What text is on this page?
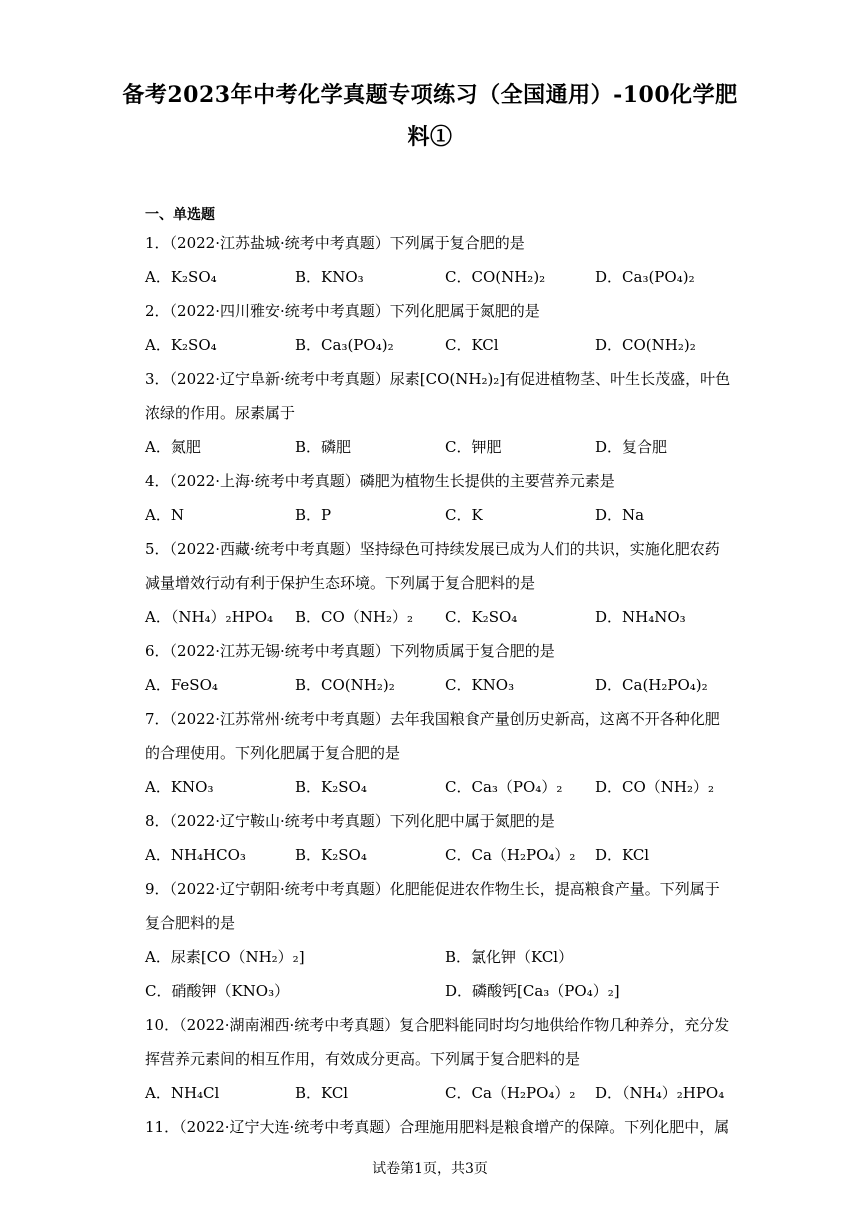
备考2023年中考化学真题专项练习（全国通用）-100化学肥
料①
一、单选题
1．（2022·江苏盐城·统考中考真题）下列属于复合肥的是
A．K₂SO₄	B．KNO₃	C．CO(NH₂)₂	D．Ca₃(PO₄)₂
2．（2022·四川雅安·统考中考真题）下列化肥属于氮肥的是
A．K₂SO₄	B．Ca₃(PO₄)₂	C．KCl	D．CO(NH₂)₂
3．（2022·辽宁阜新·统考中考真题）尿素[CO(NH₂)₂]有促进植物茎、叶生长茂盛，叶色
浓绿的作用。尿素属于
A．氮肥	B．磷肥	C．钾肥	D．复合肥
4．（2022·上海·统考中考真题）磷肥为植物生长提供的主要营养元素是
A．N	B．P	C．K	D．Na
5．（2022·西藏·统考中考真题）坚持绿色可持续发展已成为人们的共识，实施化肥农药
减量增效行动有利于保护生态环境。下列属于复合肥料的是
A．（NH₄）₂HPO₄ B．CO（NH₂）₂ C．K₂SO₄	D．NH₄NO₃
6．（2022·江苏无锡·统考中考真题）下列物质属于复合肥的是
A．FeSO₄	B．CO(NH₂)₂	C．KNO₃	D．Ca(H₂PO₄)₂
7．（2022·江苏常州·统考中考真题）去年我国粮食产量创历史新高，这离不开各种化肥
的合理使用。下列化肥属于复合肥的是
A．KNO₃	B．K₂SO₄	C．Ca₃（PO₄）₂ D．CO（NH₂）₂
8．（2022·辽宁鞍山·统考中考真题）下列化肥中属于氮肥的是
A．NH₄HCO₃	B．K₂SO₄	C．Ca（H₂PO₄）₂ D．KCl
9．（2022·辽宁朝阳·统考中考真题）化肥能促进农作物生长，提高粮食产量。下列属于
复合肥料的是
A．尿素[CO（NH₂）₂]	B．氯化钾（KCl）
C．硝酸钾（KNO₃）	D．磷酸钙[Ca₃（PO₄）₂]
10．（2022·湖南湘西·统考中考真题）复合肥料能同时均匀地供给作物几种养分，充分发
挥营养元素间的相互作用，有效成分更高。下列属于复合肥料的是
A．NH₄Cl	B．KCl	C．Ca（H₂PO₄）₂ D．（NH₄）₂HPO₄
11．（2022·辽宁大连·统考中考真题）合理施用肥料是粮食增产的保障。下列化肥中，属
试卷第1页，共3页
